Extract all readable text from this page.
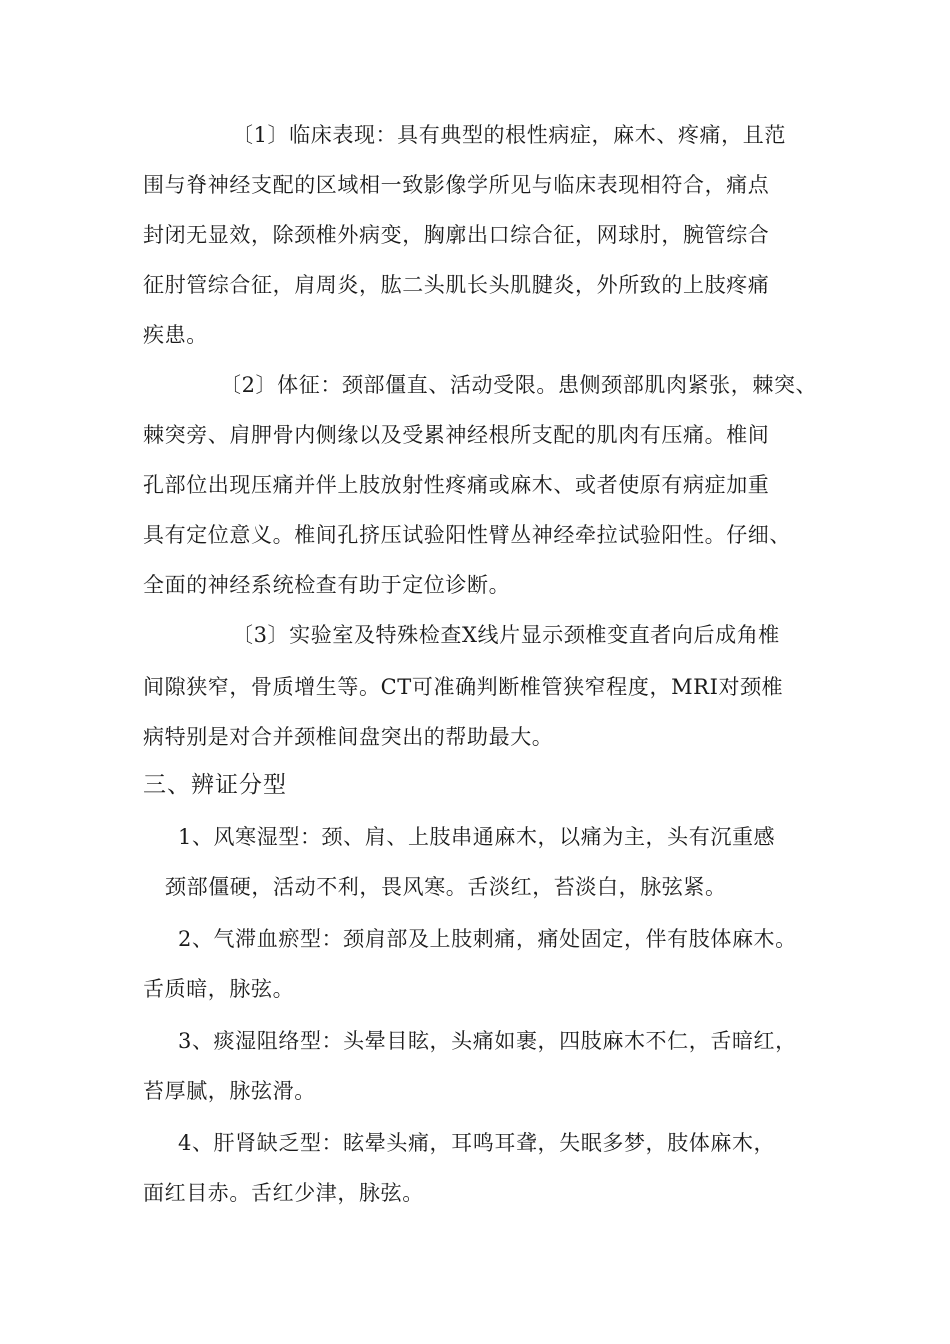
〔1〕临床表现：具有典型的根性病症，麻木、疼痛，且范
围与脊神经支配的区域相一致影像学所见与临床表现相符合，痛点
封闭无显效，除颈椎外病变，胸廓出口综合征，网球肘，腕管综合
征肘管综合征，肩周炎，肱二头肌长头肌腱炎，外所致的上肢疼痛
疾患。
〔2〕体征：颈部僵直、活动受限。患侧颈部肌肉紧张，棘突、
棘突旁、肩胛骨内侧缘以及受累神经根所支配的肌肉有压痛。椎间
孔部位出现压痛并伴上肢放射性疼痛或麻木、或者使原有病症加重
具有定位意义。椎间孔挤压试验阳性臂丛神经牵拉试验阳性。仔细、
全面的神经系统检查有助于定位诊断。
〔3〕实验室及特殊检查X线片显示颈椎变直者向后成角椎
间隙狭窄，骨质增生等。CT可准确判断椎管狭窄程度，MRI对颈椎
病特别是对合并颈椎间盘突出的帮助最大。
三、辨证分型
1、风寒湿型：颈、肩、上肢串通麻木，以痛为主，头有沉重感
颈部僵硬，活动不利，畏风寒。舌淡红，苔淡白，脉弦紧。
2、气滞血瘀型：颈肩部及上肢刺痛，痛处固定，伴有肢体麻木。
舌质暗，脉弦。
3、痰湿阻络型：头晕目眩，头痛如裹，四肢麻木不仁，舌暗红，
苔厚腻，脉弦滑。
4、肝肾缺乏型：眩晕头痛，耳鸣耳聋，失眠多梦，肢体麻木，
面红目赤。舌红少津，脉弦。
